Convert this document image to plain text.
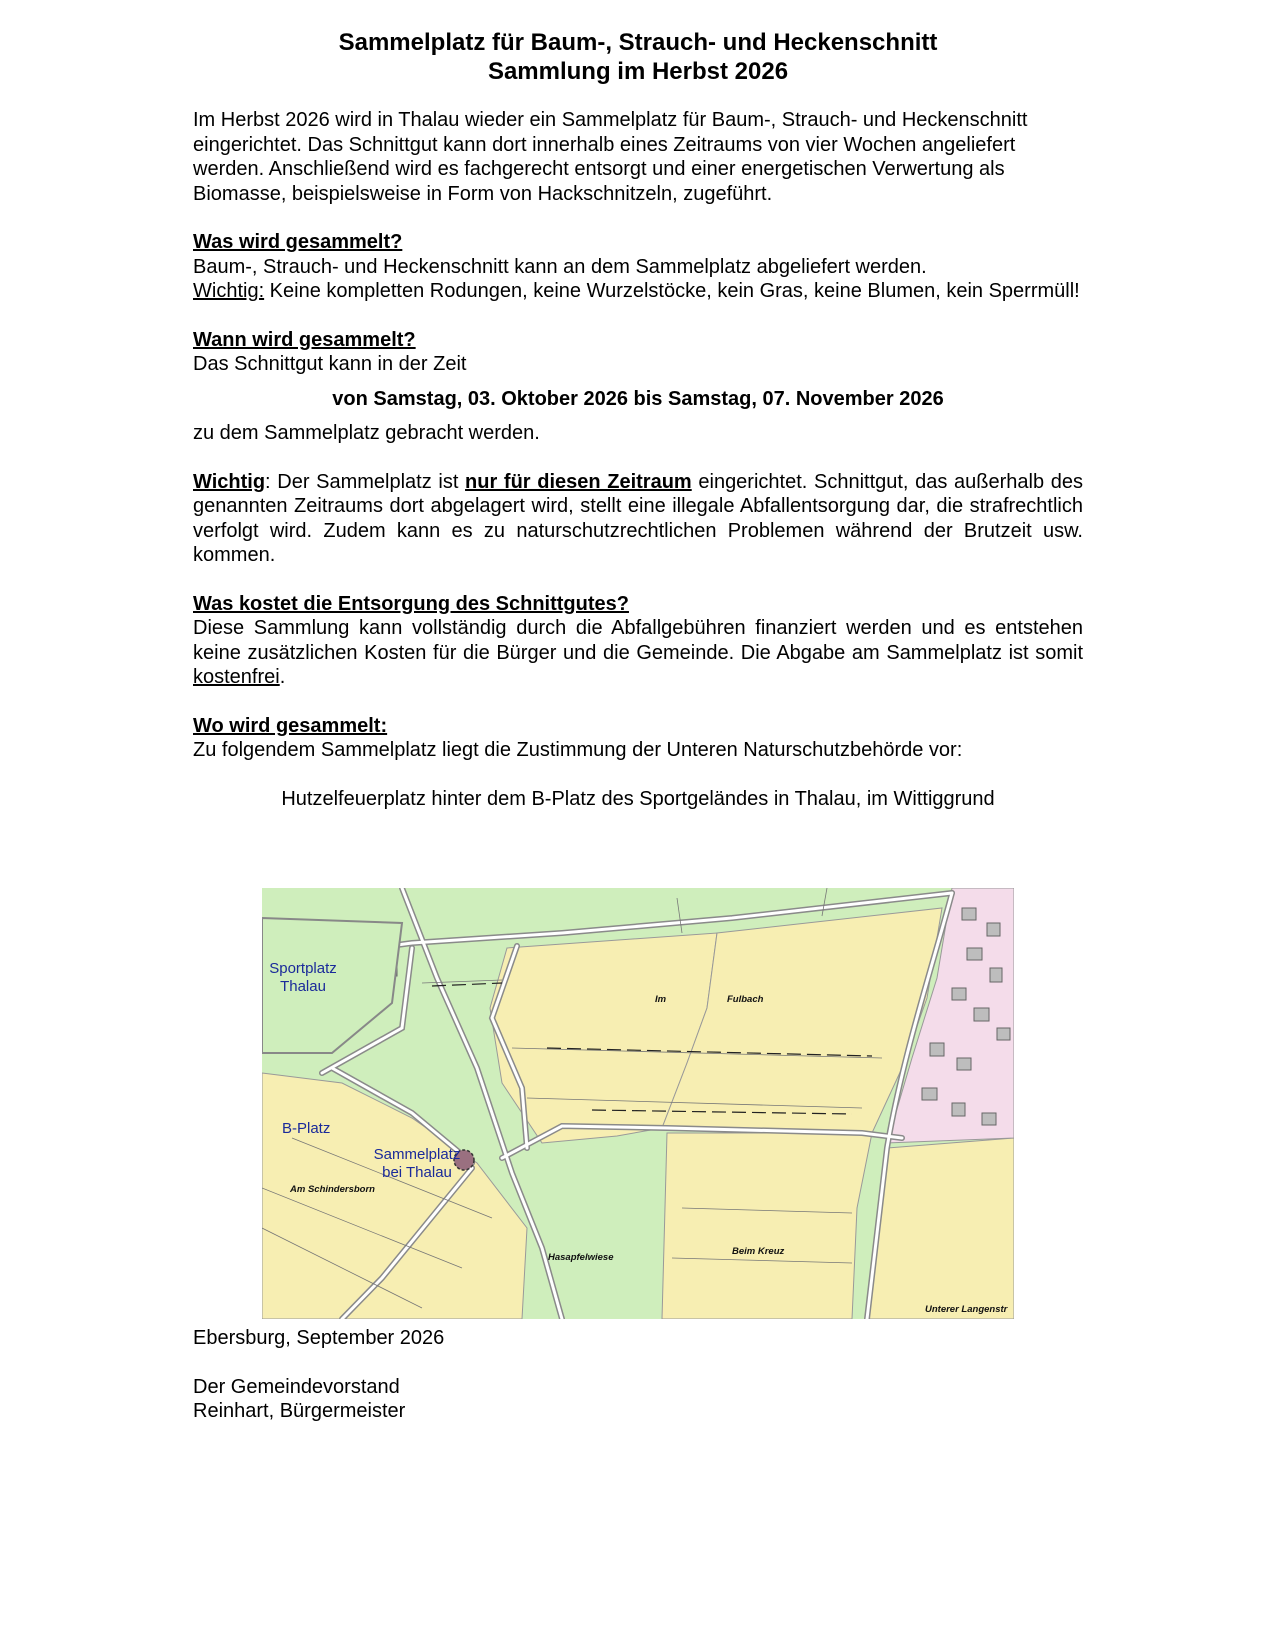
Sammelplatz für Baum-, Strauch- und Heckenschnitt
Sammlung im Herbst 2026

Im Herbst 2026 wird in Thalau wieder ein Sammelplatz für Baum-, Strauch- und Heckenschnitt eingerichtet. Das Schnittgut kann dort innerhalb eines Zeitraums von vier Wochen angeliefert werden. Anschließend wird es fachgerecht entsorgt und einer energetischen Verwertung als Biomasse, beispielsweise in Form von Hackschnitzeln, zugeführt.

Was wird gesammelt?

Baum-, Strauch- und Heckenschnitt kann an dem Sammelplatz abgeliefert werden.

Wichtig: Keine kompletten Rodungen, keine Wurzelstöcke, kein Gras, keine Blumen, kein Sperrmüll!

Wann wird gesammelt?

Das Schnittgut kann in der Zeit

von Samstag, 03. Oktober 2026 bis Samstag, 07. November 2026

zu dem Sammelplatz gebracht werden.

Wichtig: Der Sammelplatz ist nur für diesen Zeitraum eingerichtet. Schnittgut, das außerhalb des genannten Zeitraums dort abgelagert wird, stellt eine illegale Abfallentsorgung dar, die strafrechtlich verfolgt wird. Zudem kann es zu naturschutzrechtlichen Problemen während der Brutzeit usw. kommen.

Was kostet die Entsorgung des Schnittgutes?

Diese Sammlung kann vollständig durch die Abfallgebühren finanziert werden und es entstehen keine zusätzlichen Kosten für die Bürger und die Gemeinde. Die Abgabe am Sammelplatz ist somit kostenfrei.

Wo wird gesammelt:

Zu folgendem Sammelplatz liegt die Zustimmung der Unteren Naturschutzbehörde vor:

Hutzelfeuerplatz hinter dem B-Platz des Sportgeländes in Thalau, im Wittiggrund

Sportplatz
Thalau
B-Platz
Sammelplatz
bei Thalau
Am Schindersborn
Im	Fulbach
Hasapfelwiese
Beim Kreuz
Unterer Langenstr

Ebersburg, September 2026

Der Gemeindevorstand

Reinhart, Bürgermeister
